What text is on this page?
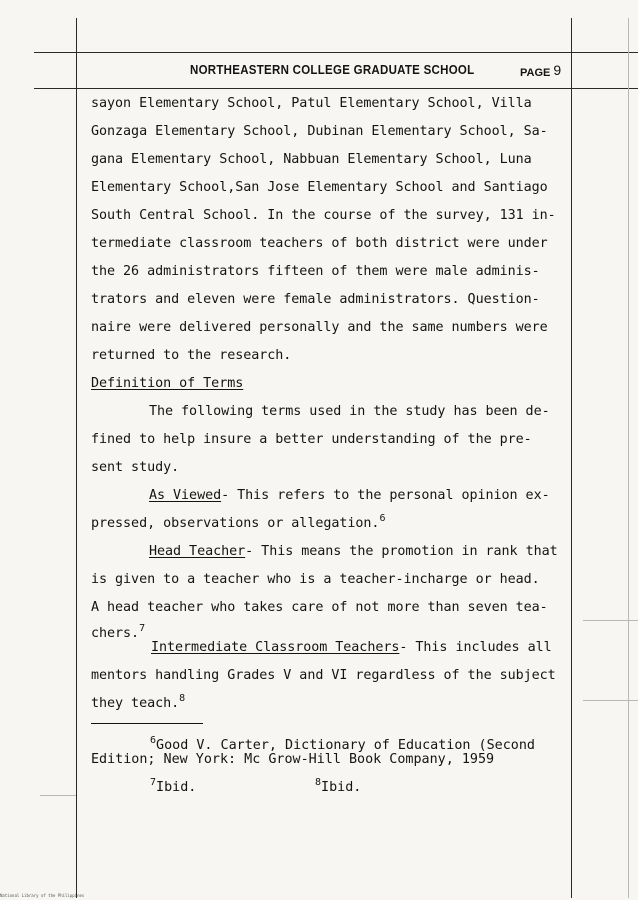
NORTHEASTERN COLLEGE GRADUATE SCHOOL	PAGE 9
sayon Elementary School, Patul Elementary School, Villa
Gonzaga Elementary School, Dubinan Elementary School, Sa-
gana Elementary School, Nabbuan Elementary School, Luna
Elementary School,San Jose Elementary School and Santiago
South Central School. In the course of the survey, 131 in-
termediate classroom teachers of both district were under
the 26 administrators fifteen of them were male adminis-
trators and eleven were female administrators. Question-
naire were delivered personally and the same numbers were
returned to the research.
Definition of Terms
The following terms used in the study has been de-
fined to help insure a better understanding of the pre-
sent study.
As Viewed- This refers to the personal opinion ex-
pressed, observations or allegation.$^6$
Head Teacher- This means the promotion in rank that
is given to a teacher who is a teacher-incharge or head.
A head teacher who takes care of not more than seven tea-
chers.$^7$
Intermediate Classroom Teachers- This includes all
mentors handling Grades V and VI regardless of the subject
they teach.$^8$
$^6$Good V. Carter, Dictionary of Education (Second
Edition; New York: Mc Grow-Hill Book Company, 1959
$^7$Ibid.	$^8$Ibid.
National Library of the Philippines
